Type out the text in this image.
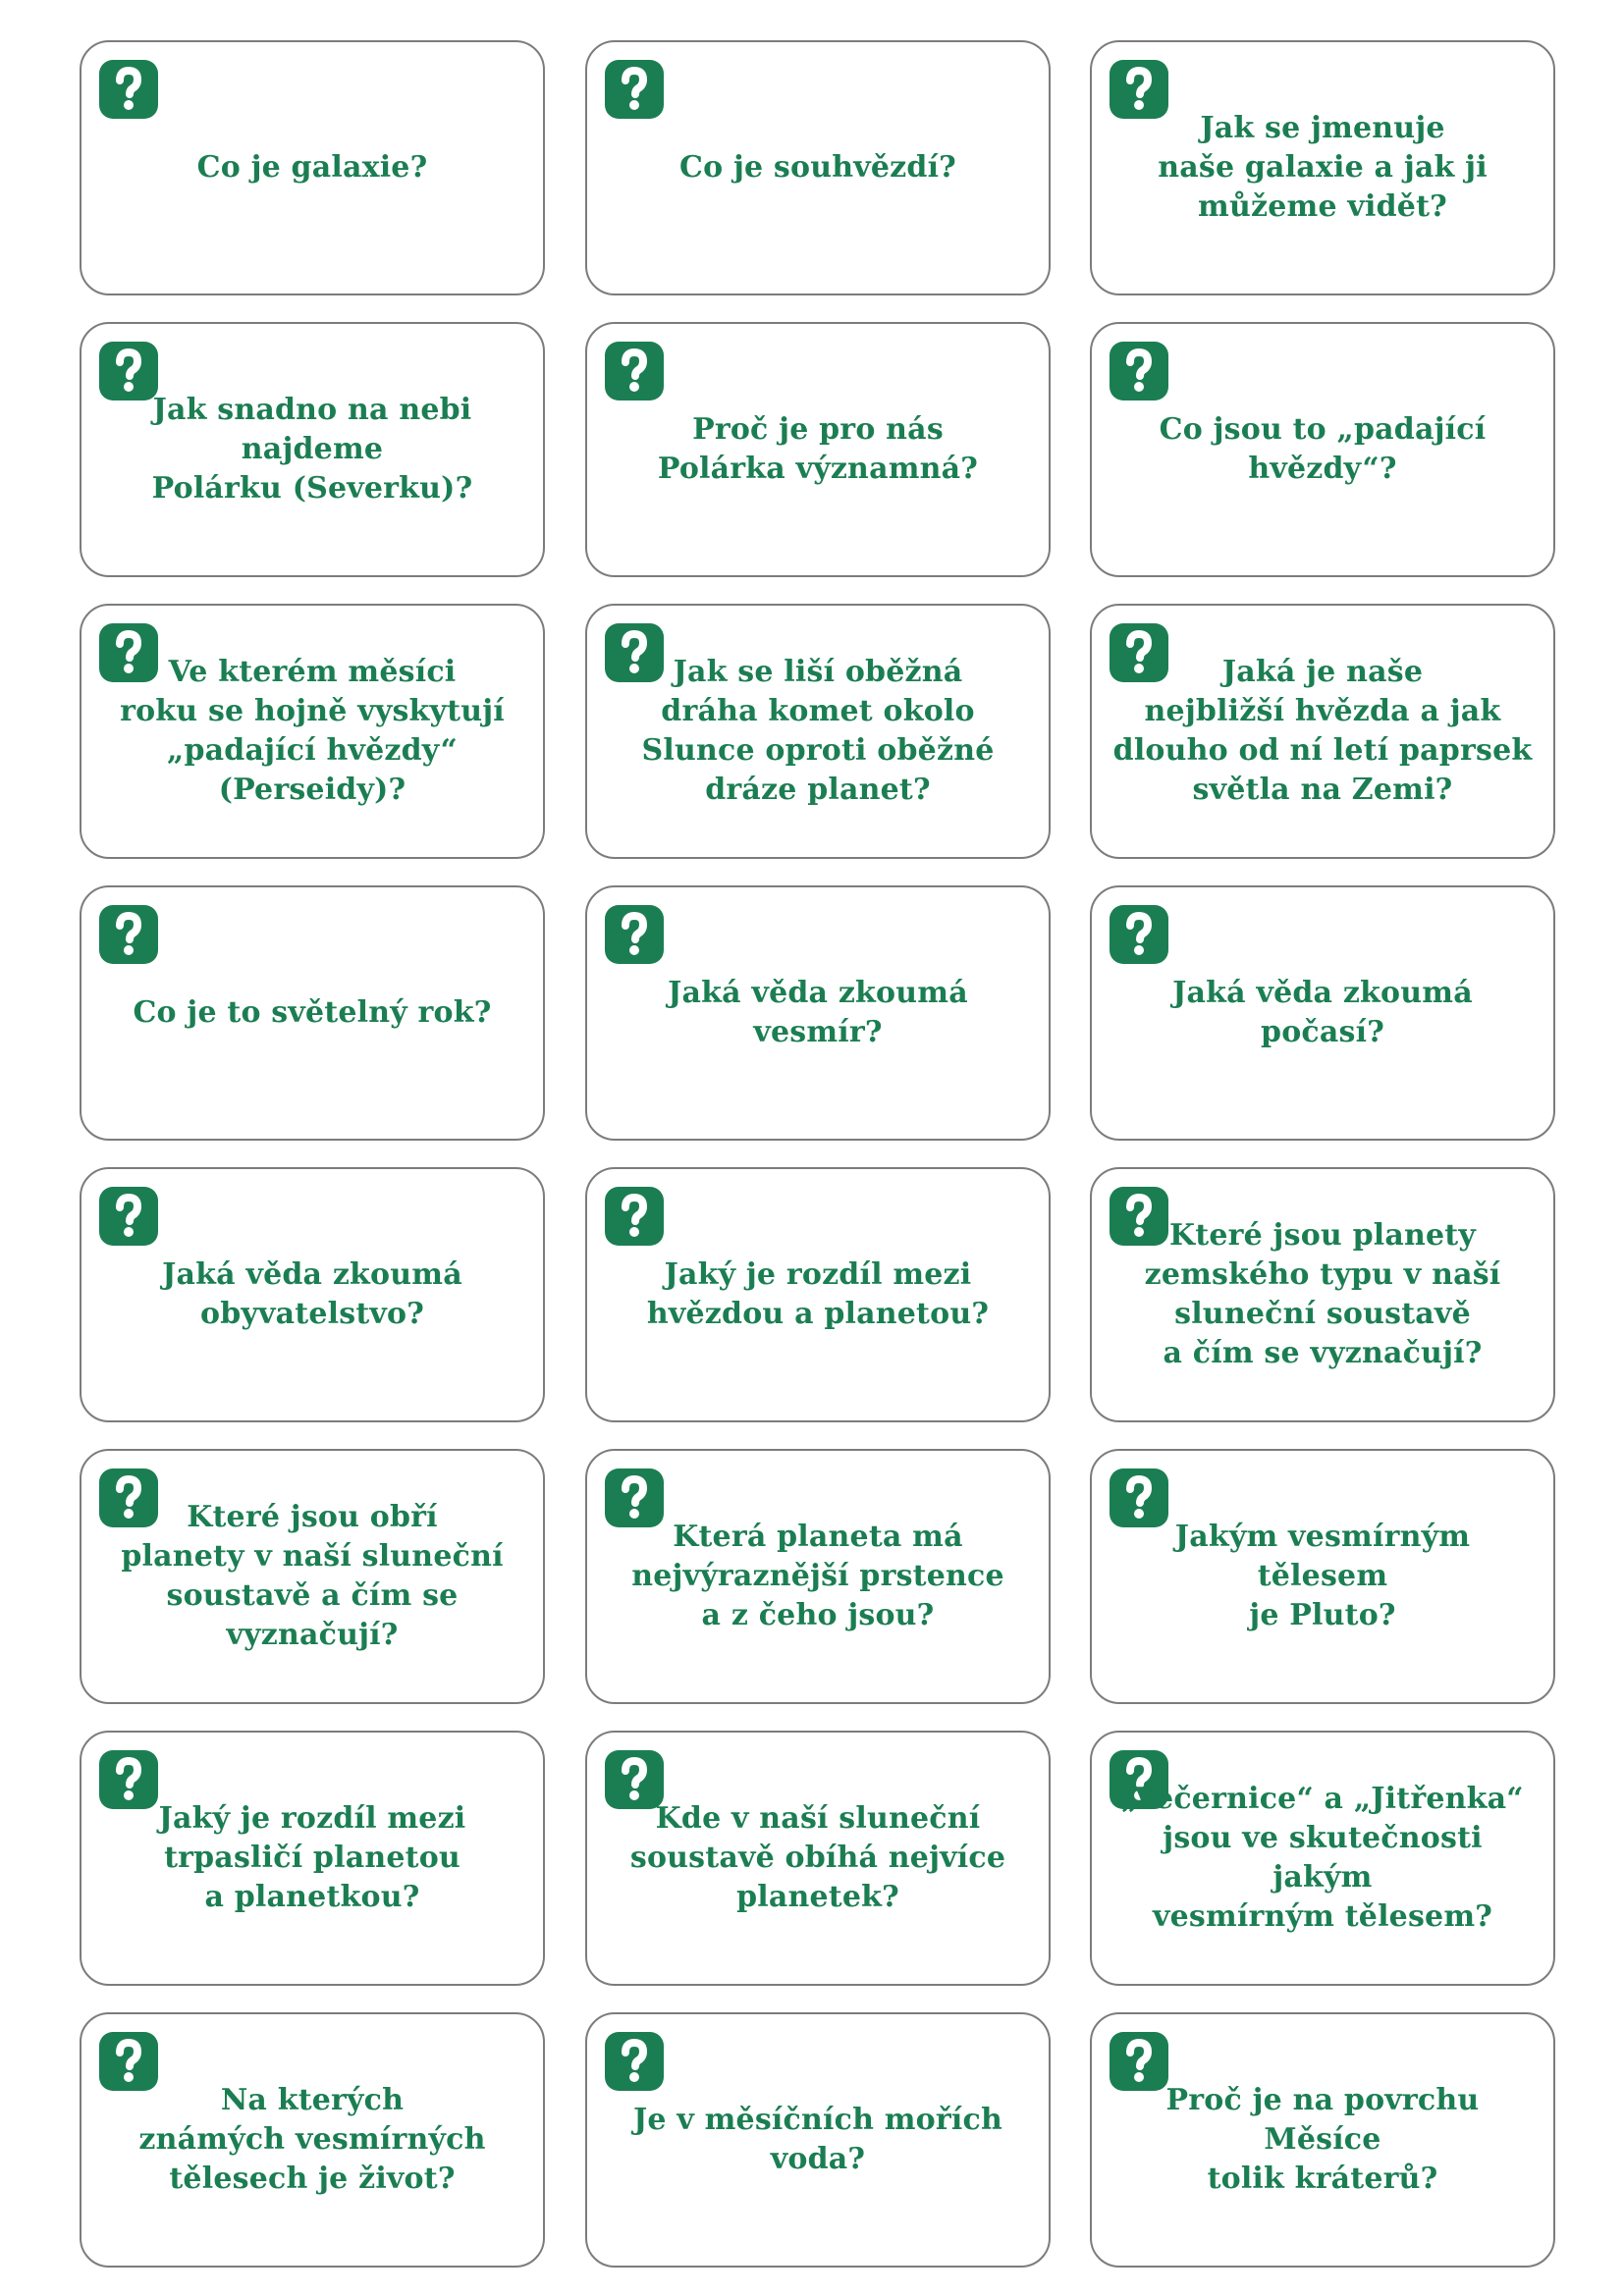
Co je galaxie?	Co je souhvězdí?
Jak se jmenuje
naše galaxie a jak ji
můžeme vidět?
Jak snadno na nebi najdeme
Polárku (Severku)?
Proč je pro nás
Polárka významná?
Co jsou to „padající
hvězdy“?
Ve kterém měsíci
roku se hojně vyskytují
„padající hvězdy“
(Perseidy)?
Jak se liší oběžná
dráha komet okolo
Slunce oproti oběžné
dráze planet?
Jaká je naše
nejbližší hvězda a jak
dlouho od ní letí paprsek
světla na Zemi?
Co je to světelný rok?
Jaká věda zkoumá vesmír?
Jaká věda zkoumá počasí?
Jaká věda zkoumá
obyvatelstvo?
Jaký je rozdíl mezi
hvězdou a planetou?
Které jsou planety
zemského typu v naší
sluneční soustavě
a čím se vyznačují?
Které jsou obří
planety v naší sluneční
soustavě a čím se
vyznačují?
Která planeta má
nejvýraznější prstence
a z čeho jsou?
Jakým vesmírným tělesem
je Pluto?
Jaký je rozdíl mezi
trpasličí planetou
a planetkou?
Kde v naší sluneční
soustavě obíhá nejvíce
planetek?
„Večernice“ a „Jitřenka“
jsou ve skutečnosti jakým
vesmírným tělesem?
Na kterých
známých vesmírných
tělesech je život?
Je v měsíčních mořích
voda?
Proč je na povrchu Měsíce
tolik kráterů?
